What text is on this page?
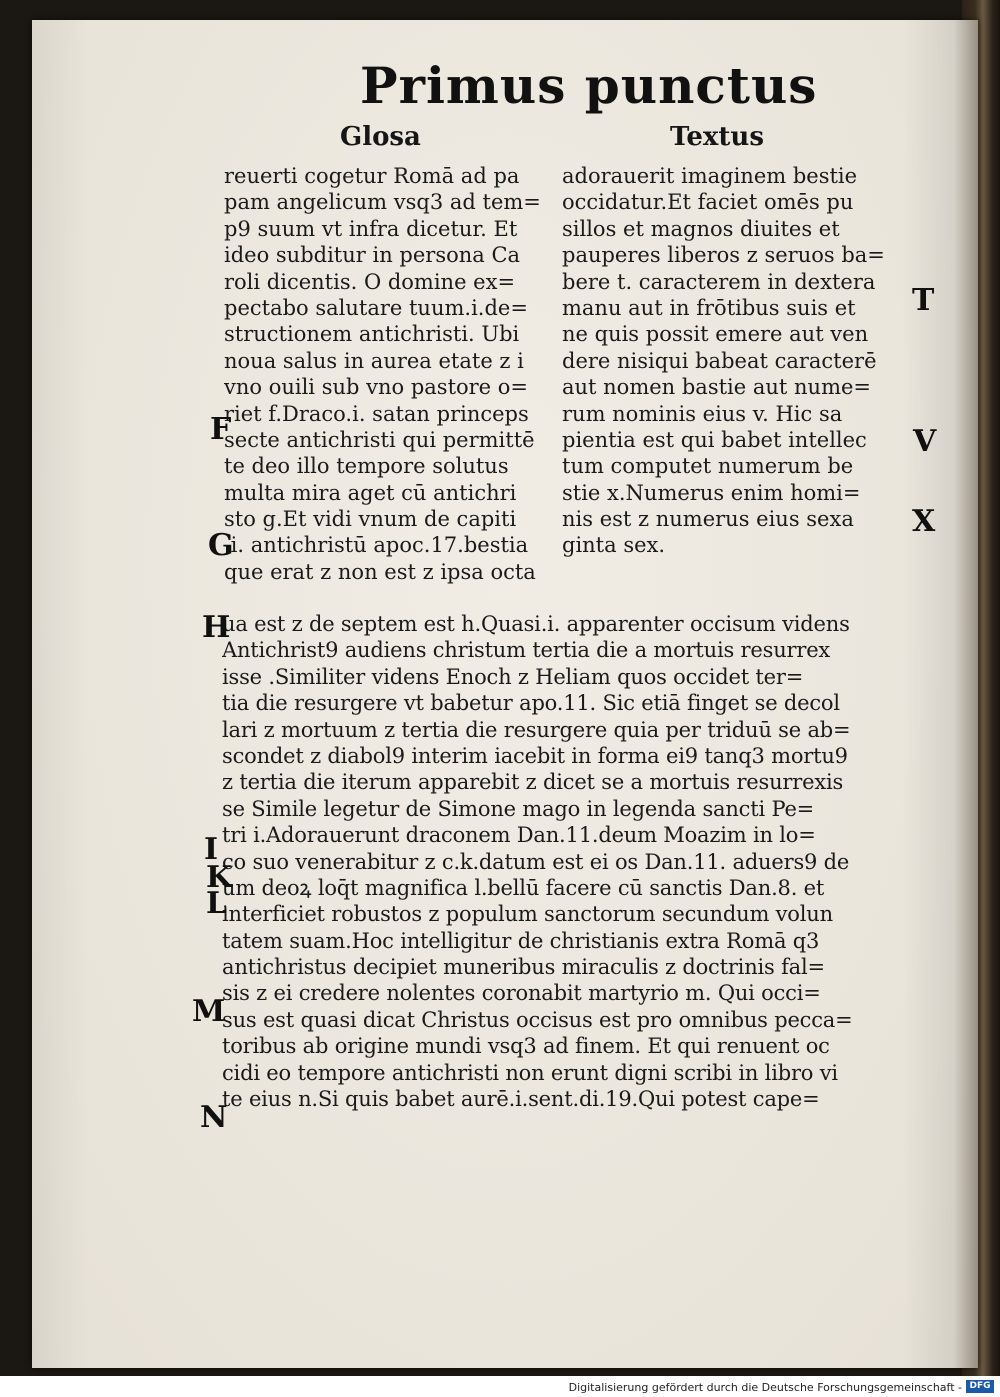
Primus punctus
Glosa	Textus
reuerti cogetur Romā ad pa
pam angelicum vsq3 ad tem=
p9 suum vt infra dicetur. Et
ideo subditur in persona Ca
roli dicentis. O domine ex=
pectabo salutare tuum.i.de=
structionem antichristi. Ubi
noua salus in aurea etate z i
vno ouili sub vno pastore o=
riet f.Draco.i. satan princeps
secte antichristi qui permittē
te deo illo tempore solutus
multa mira aget cū antichri
sto g.Et vidi vnum de capiti
.i. antichristū apoc.17.bestia
que erat z non est z ipsa octa
adorauerit imaginem bestie
occidatur.Et faciet omēs pu
sillos et magnos diuites et
pauperes liberos z seruos ba=
bere t. caracterem in dextera
manu aut in frōtibus suis et
ne quis possit emere aut ven
dere nisiqui babeat caracterē
aut nomen bastie aut nume=
rum nominis eius v. Hic sa
pientia est qui babet intellec
tum computet numerum be
stie x.Numerus enim homi=
nis est z numerus eius sexa
ginta sex.
ua est z de septem est h.Quasi.i. apparenter occisum videns
Antichrist9 audiens christum tertia die a mortuis resurrex
isse .Similiter videns Enoch z Heliam quos occidet ter=
tia die resurgere vt babetur apo.11. Sic etiā finget se decol
lari z mortuum z tertia die resurgere quia per triduū se ab=
scondet z diabol9 interim iacebit in forma ei9 tanq3 mortu9
z tertia die iterum apparebit z dicet se a mortuis resurrexis
se Simile legetur de Simone mago in legenda sancti Pe=
tri i.Adorauerunt draconem Dan.11.deum Moazim in lo=
co suo venerabitur z c.k.datum est ei os Dan.11. aduers9 de
um deoꝝ loq̄t magnifica l.bellū facere cū sanctis Dan.8. et
interficiet robustos z populum sanctorum secundum volun
tatem suam.Hoc intelligitur de christianis extra Romā q3
antichristus decipiet muneribus miraculis z doctrinis fal=
sis z ei credere nolentes coronabit martyrio m. Qui occi=
sus est quasi dicat Christus occisus est pro omnibus pecca=
toribus ab origine mundi vsq3 ad finem. Et qui renuent oc
cidi eo tempore antichristi non erunt digni scribi in libro vi
te eius n.Si quis babet aurē.i.sent.di.19.Qui potest cape=
T
F	V
G
X
H
I
K
L
M
N
Digitalisierung gefördert durch die Deutsche Forschungsgemeinschaft - DFG
